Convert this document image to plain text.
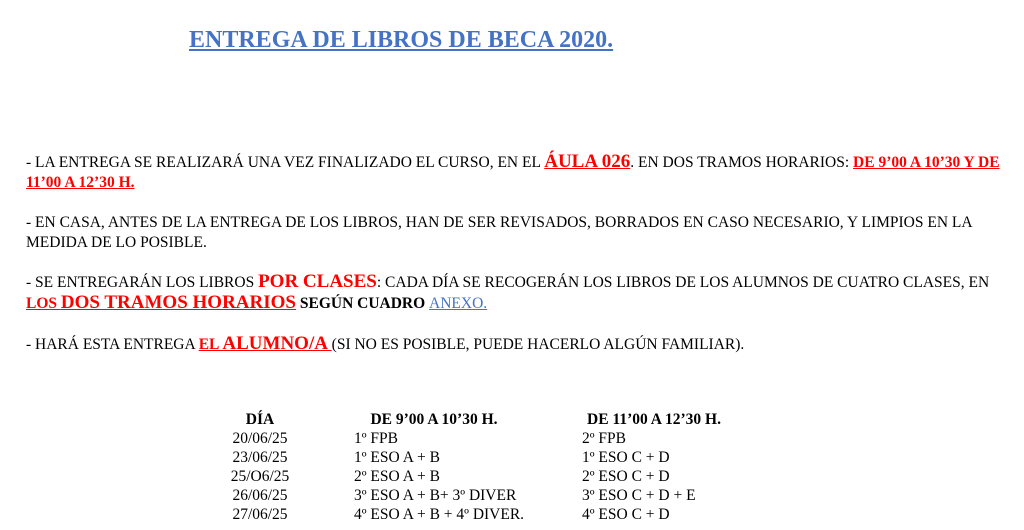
ENTREGA DE LIBROS DE BECA 2020.

- LA ENTREGA SE REALIZARÁ UNA VEZ FINALIZADO EL CURSO, EN EL ÁULA 026. EN DOS TRAMOS HORARIOS: DE 9’00 A 10’30 Y DE 11’00 A 12’30 H.

- EN CASA, ANTES DE LA ENTREGA DE LOS LIBROS, HAN DE SER REVISADOS, BORRADOS EN CASO NECESARIO, Y LIMPIOS EN LA MEDIDA DE LO POSIBLE.

- SE ENTREGARÁN LOS LIBROS POR CLASES: CADA DÍA SE RECOGERÁN LOS LIBROS DE LOS ALUMNOS DE CUATRO CLASES, EN LOS DOS TRAMOS HORARIOS SEGÚN CUADRO ANEXO.

- HARÁ ESTA ENTREGA EL ALUMNO/A (SI NO ES POSIBLE, PUEDE HACERLO ALGÚN FAMILIAR).

DÍA	DE 9’00 A 10’30 H.	DE 11’00 A 12’30 H.
20/06/25	1º FPB	2º FPB
23/06/25	1º ESO A + B	1º ESO C + D
25/O6/25	2º ESO A + B	2º ESO C + D
26/06/25	3º ESO A + B+ 3º DIVER	3º ESO C + D + E
27/06/25	4º ESO A + B + 4º DIVER.	4º ESO C + D
